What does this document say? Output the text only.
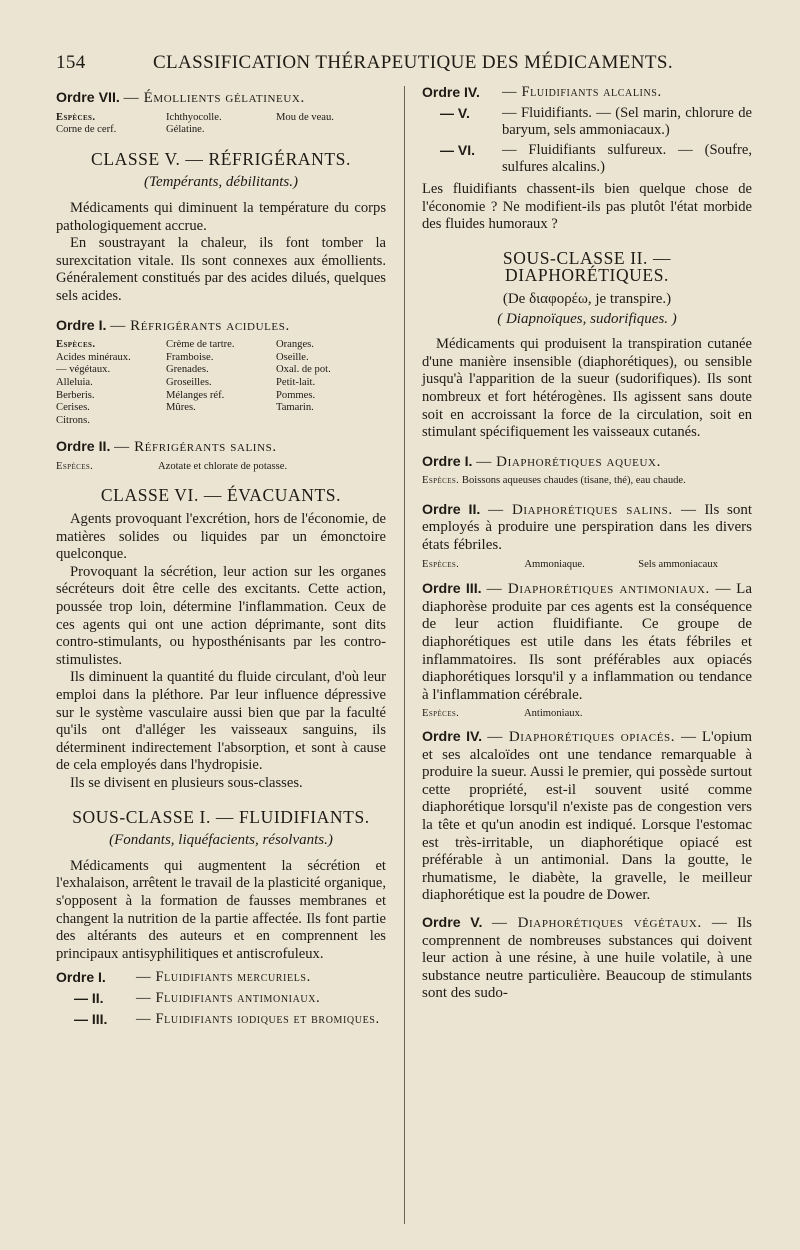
154	CLASSIFICATION THÉRAPEUTIQUE DES MÉDICAMENTS.
Ordre VII. — Émollients gélatineux.
Espèces.	Ichthyocolle.	Mou de veau.
Corne de cerf.	Gélatine.
CLASSE V. — RÉFRIGÉRANTS.
(Tempérants, débilitants.)

Médicaments qui diminuent la température du corps pathologiquement accrue.

En soustrayant la chaleur, ils font tomber la surexcitation vitale. Ils sont connexes aux émollients. Généralement constitués par des acides dilués, quelques sels acides.

Ordre I. — Réfrigérants acidules.
Espèces.	Crème de tartre.	Oranges.
Acides minéraux.	Framboise.	Oseille.
— végétaux.	Grenades.	Oxal. de pot.
Alleluia.	Groseilles.	Petit-lait.
Berberis.	Mélanges réf.	Pommes.
Cerises.	Mûres.	Tamarin.
Citrons.
Ordre II. — Réfrigérants salins.
Espèces.	Azotate et chlorate de potasse.
CLASSE VI. — ÉVACUANTS.

Agents provoquant l'excrétion, hors de l'économie, de matières solides ou liquides par un émonctoire quelconque.

Provoquant la sécrétion, leur action sur les organes sécréteurs doit être celle des excitants. Cette action, poussée trop loin, détermine l'inflammation. Ceux de ces agents qui ont une action déprimante, sont dits contro-stimulants, ou hyposthénisants par les contro-stimulistes.

Ils diminuent la quantité du fluide circulant, d'où leur emploi dans la pléthore. Par leur influence dépressive sur le système vasculaire aussi bien que par la faculté qu'ils ont d'alléger les vaisseaux sanguins, ils déterminent indirectement l'absorption, et sont à cause de cela employés dans l'hydropisie.

Ils se divisent en plusieurs sous-classes.

SOUS-CLASSE I. — FLUIDIFIANTS.
(Fondants, liquéfacients, résolvants.)

Médicaments qui augmentent la sécrétion et l'exhalaison, arrêtent le travail de la plasticité organique, s'opposent à la formation de fausses membranes et changent la nutrition de la partie affectée. Ils font partie des altérants des auteurs et en comprennent les principaux antisyphilitiques et antiscrofuleux.

Ordre I.	— Fluidifiants mercuriels.
— II.	— Fluidifiants antimoniaux.
— III.	— Fluidifiants iodiques et bromiques.
Ordre IV.	— Fluidifiants alcalins.
— V.	— Fluidifiants. — (Sel marin, chlorure de baryum, sels ammoniacaux.)
— VI.	— Fluidifiants sulfureux. — (Soufre, sulfures alcalins.)

Les fluidifiants chassent-ils bien quelque chose de l'économie ? Ne modifient-ils pas plutôt l'état morbide des fluides humoraux ?

SOUS-CLASSE II. — DIAPHORÉTIQUES.
(De διαφορέω, je transpire.)
( Diapnoïques, sudorifiques. )

Médicaments qui produisent la transpiration cutanée d'une manière insensible (diaphorétiques), ou sensible jusqu'à l'apparition de la sueur (sudorifiques). Ils sont nombreux et fort hétérogènes. Ils agissent sans doute soit en accroissant la force de la circulation, soit en stimulant spécifiquement les vaisseaux cutanés.

Ordre I. — Diaphorétiques aqueux.
Espèces. Boissons aqueuses chaudes (tisane, thé), eau chaude.
Ordre II. — Diaphorétiques salins. — Ils sont employés à produire une perspiration dans les divers états fébriles.
Espèces.	Ammoniaque.	Sels ammoniacaux
Ordre III. — Diaphorétiques antimoniaux. — La diaphorèse produite par ces agents est la conséquence de leur action fluidifiante. Ce groupe de diaphorétiques est utile dans les états fébriles et inflammatoires. Ils sont préférables aux opiacés diaphorétiques lorsqu'il y a inflammation ou tendance à l'inflammation cérébrale.
Espèces.	Antimoniaux.
Ordre IV. — Diaphorétiques opiacés. — L'opium et ses alcaloïdes ont une tendance remarquable à produire la sueur. Aussi le premier, qui possède surtout cette propriété, est-il souvent usité comme diaphorétique lorsqu'il n'existe pas de congestion vers la tête et qu'un anodin est indiqué. Lorsque l'estomac est très-irritable, un diaphorétique opiacé est préférable à un antimonial. Dans la goutte, le rhumatisme, le diabète, la gravelle, le meilleur diaphorétique est la poudre de Dower.
Ordre V. — Diaphorétiques végétaux. — Ils comprennent de nombreuses substances qui doivent leur action à une résine, à une huile volatile, à une substance neutre particulière. Beaucoup de stimulants sont des sudo-
